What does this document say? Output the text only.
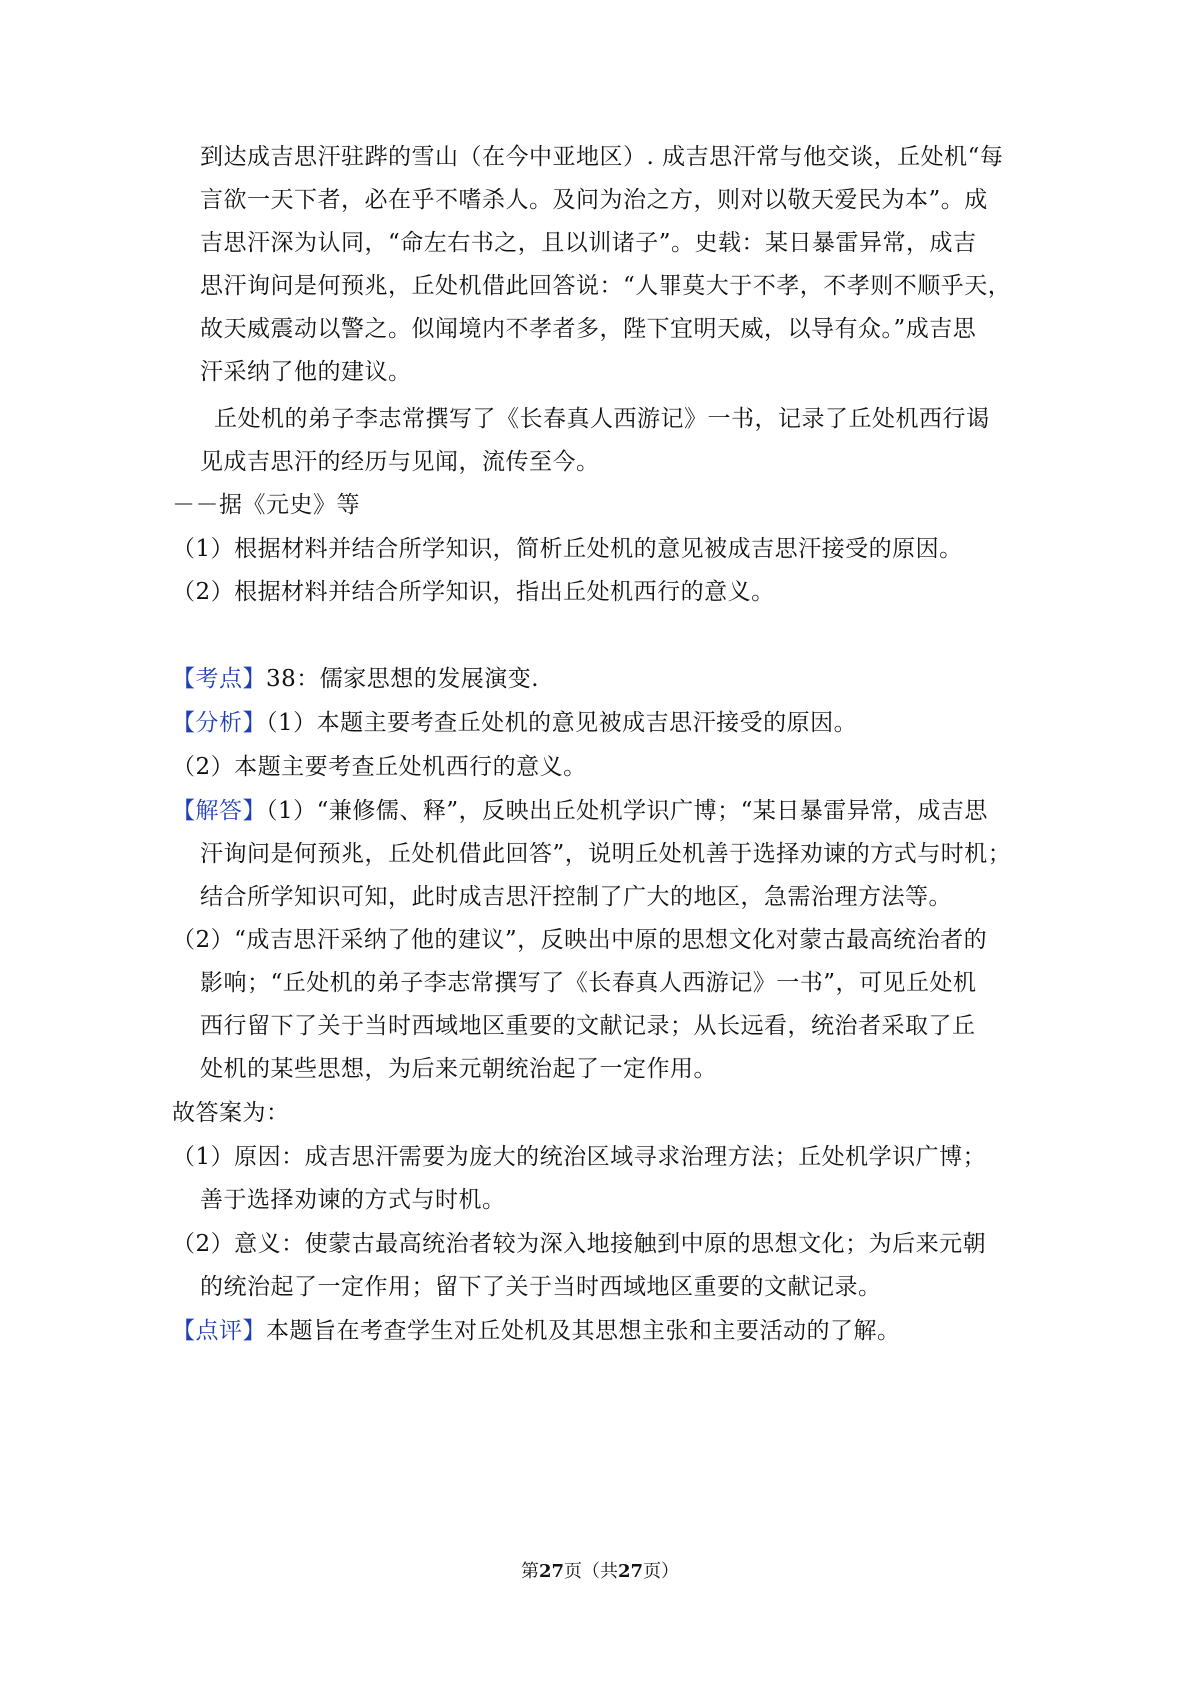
到达成吉思汗驻跸的雪山（在今中亚地区）. 成吉思汗常与他交谈，丘处机“每
言欲一天下者，必在乎不嗜杀人。及问为治之方，则对以敬天爱民为本”。成
吉思汗深为认同，“命左右书之，且以训诸子”。史载：某日暴雷异常，成吉
思汗询问是何预兆，丘处机借此回答说：“人罪莫大于不孝，不孝则不顺乎天，
故天威震动以警之。似闻境内不孝者多，陛下宜明天威，以导有众。”成吉思
汗采纳了他的建议。
丘处机的弟子李志常撰写了《长春真人西游记》一书，记录了丘处机西行谒
见成吉思汗的经历与见闻，流传至今。
－－据《元史》等
（1）根据材料并结合所学知识，简析丘处机的意见被成吉思汗接受的原因。
（2）根据材料并结合所学知识，指出丘处机西行的意义。
【考点】38：儒家思想的发展演变.
【分析】（1）本题主要考查丘处机的意见被成吉思汗接受的原因。
（2）本题主要考查丘处机西行的意义。
【解答】（1）“兼修儒、释”，反映出丘处机学识广博；“某日暴雷异常，成吉思
汗询问是何预兆，丘处机借此回答”，说明丘处机善于选择劝谏的方式与时机；
结合所学知识可知，此时成吉思汗控制了广大的地区，急需治理方法等。
（2）“成吉思汗采纳了他的建议”，反映出中原的思想文化对蒙古最高统治者的
影响；“丘处机的弟子李志常撰写了《长春真人西游记》一书”，可见丘处机
西行留下了关于当时西域地区重要的文献记录；从长远看，统治者采取了丘
处机的某些思想，为后来元朝统治起了一定作用。
故答案为：
（1）原因：成吉思汗需要为庞大的统治区域寻求治理方法；丘处机学识广博；
善于选择劝谏的方式与时机。
（2）意义：使蒙古最高统治者较为深入地接触到中原的思想文化；为后来元朝
的统治起了一定作用；留下了关于当时西域地区重要的文献记录。
【点评】本题旨在考查学生对丘处机及其思想主张和主要活动的了解。
第27页（共27页）
